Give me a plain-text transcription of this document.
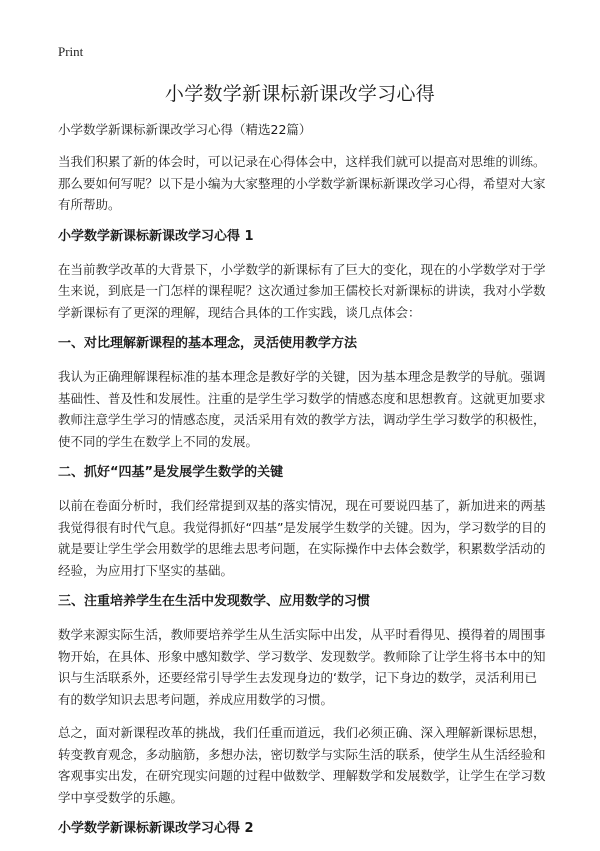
Print
小学数学新课标新课改学习心得
小学数学新课标新课改学习心得（精选22篇）

当我们积累了新的体会时，可以记录在心得体会中，这样我们就可以提高对思维的训练。那么要如何写呢？以下是小编为大家整理的小学数学新课标新课改学习心得，希望对大家有所帮助。

小学数学新课标新课改学习心得 1

在当前教学改革的大背景下，小学数学的新课标有了巨大的变化，现在的小学数学对于学生来说，到底是一门怎样的课程呢？这次通过参加王儒校长对新课标的讲读，我对小学数学新课标有了更深的理解，现结合具体的工作实践，谈几点体会：

一、对比理解新课程的基本理念，灵活使用教学方法

我认为正确理解课程标准的基本理念是教好学的关键，因为基本理念是教学的导航。强调基础性、普及性和发展性。注重的是学生学习数学的情感态度和思想教育。这就更加要求教师注意学生学习的情感态度，灵活采用有效的教学方法，调动学生学习数学的积极性，使不同的学生在数学上不同的发展。

二、抓好“四基”是发展学生数学的关键

以前在卷面分析时，我们经常提到双基的落实情况，现在可要说四基了，新加进来的两基我觉得很有时代气息。我觉得抓好“四基”是发展学生数学的关键。因为，学习数学的目的就是要让学生学会用数学的思维去思考问题，在实际操作中去体会数学，积累数学活动的经验，为应用打下坚实的基础。

三、注重培养学生在生活中发现数学、应用数学的习惯

数学来源实际生活，教师要培养学生从生活实际中出发，从平时看得见、摸得着的周围事物开始，在具体、形象中感知数学、学习数学、发现数学。教师除了让学生将书本中的知识与生活联系外，还要经常引导学生去发现身边的‘数学，记下身边的数学，灵活利用已有的数学知识去思考问题，养成应用数学的习惯。

总之，面对新课程改革的挑战，我们任重而道远，我们必须正确、深入理解新课标思想，转变教育观念，多动脑筋，多想办法，密切数学与实际生活的联系，使学生从生活经验和客观事实出发，在研究现实问题的过程中做数学、理解数学和发展数学，让学生在学习数学中享受数学的乐趣。

小学数学新课标新课改学习心得 2
